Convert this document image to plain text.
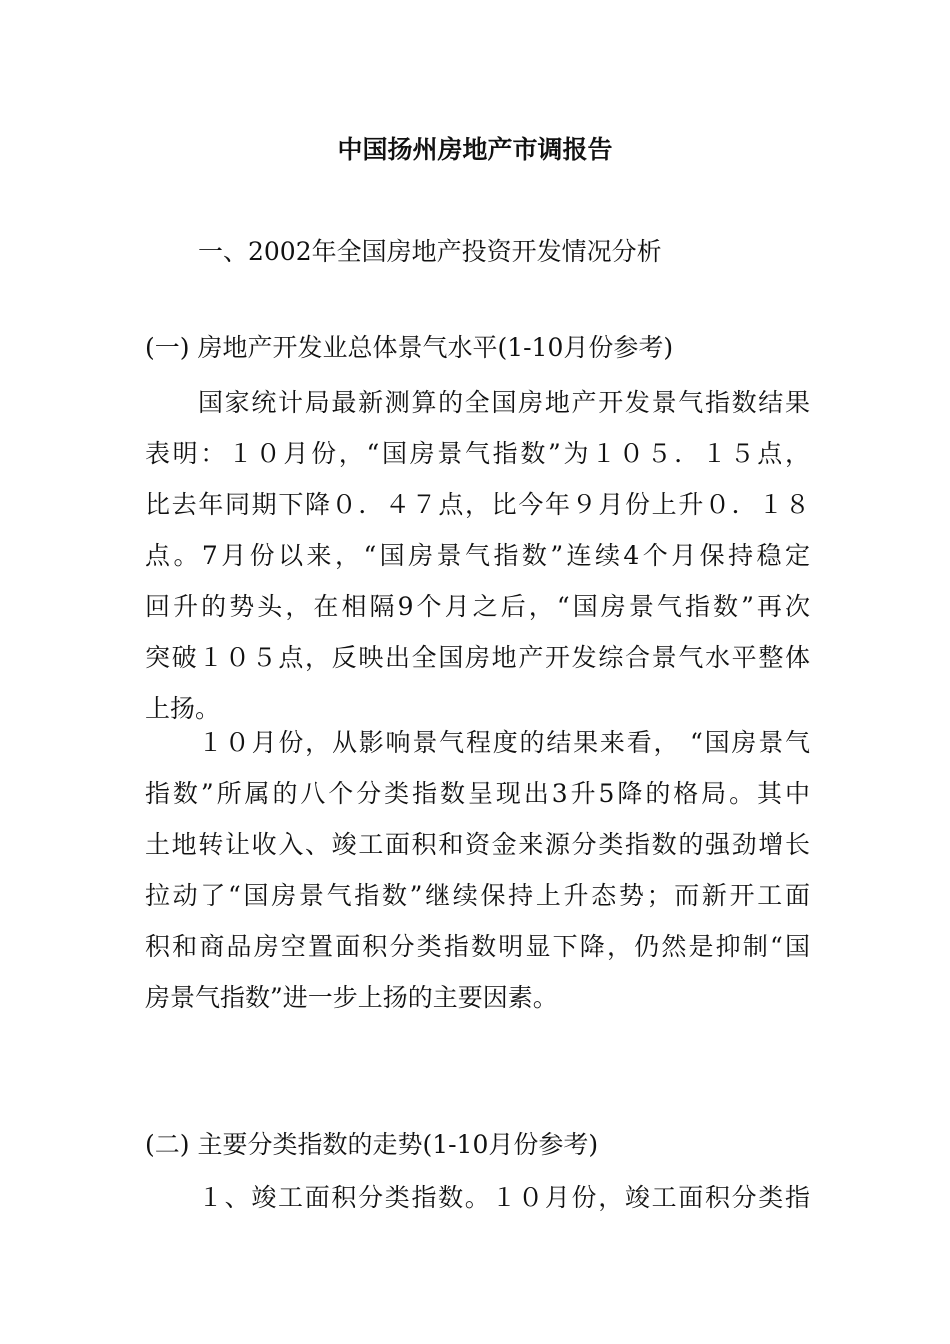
中国扬州房地产市调报告
一、2002年全国房地产投资开发情况分析
(一) 房地产开发业总体景气水平(1-10月份参考)
国家统计局最新测算的全国房地产开发景气指数结果
表明：１０月份，“国房景气指数”为１０５．１５点，
比去年同期下降０．４７点，比今年９月份上升０．１８
点。7月份以来，“国房景气指数”连续4个月保持稳定
回升的势头，在相隔9个月之后，“国房景气指数”再次
突破１０５点，反映出全国房地产开发综合景气水平整体
上扬。
１０月份，从影响景气程度的结果来看， “国房景气
指数”所属的八个分类指数呈现出3升5降的格局。其中
土地转让收入、竣工面积和资金来源分类指数的强劲增长
拉动了“国房景气指数”继续保持上升态势；而新开工面
积和商品房空置面积分类指数明显下降，仍然是抑制“国
房景气指数”进一步上扬的主要因素。
(二) 主要分类指数的走势(1-10月份参考)
１、竣工面积分类指数。１０月份，竣工面积分类指
